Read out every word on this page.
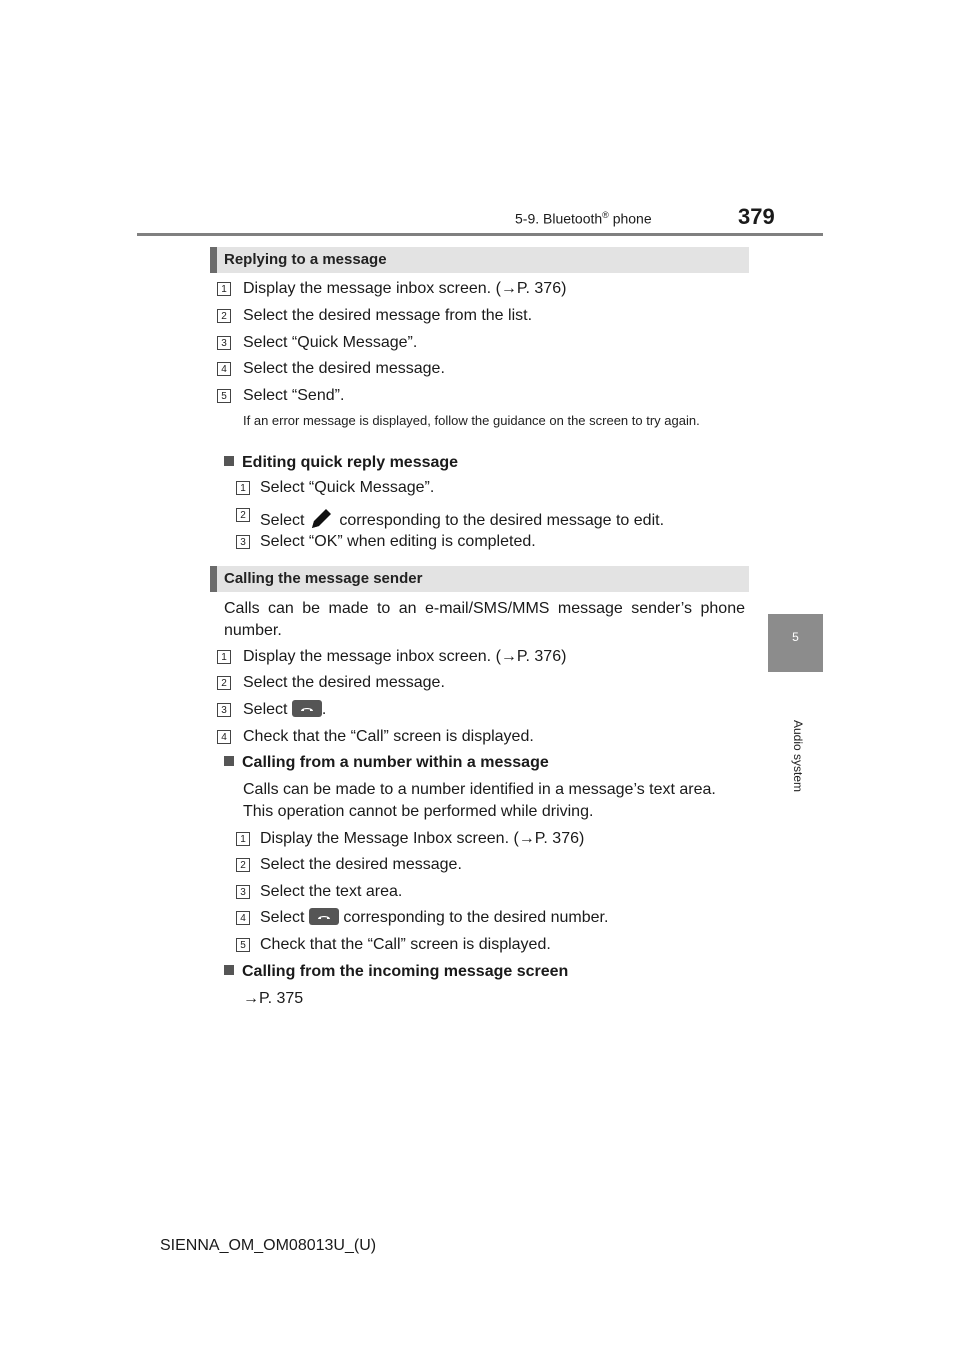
5-9. Bluetooth® phone	379
5
Audio system
Replying to a message
1 Display the message inbox screen. (→P. 376)
2 Select the desired message from the list.
3 Select “Quick Message”.
4 Select the desired message.
5 Select “Send”.
If an error message is displayed, follow the guidance on the screen to try again.
Editing quick reply message
1 Select “Quick Message”.
2 Select  corresponding to the desired message to edit.
3 Select “OK” when editing is completed.
Calling the message sender
Calls can be made to an e-mail/SMS/MMS message sender’s phone number.
1 Display the message inbox screen. (→P. 376)
2 Select the desired message.
3 Select
.
4 Check that the “Call” screen is displayed.
Calling from a number within a message
Calls can be made to a number identified in a message’s text area. This operation cannot be performed while driving.
1 Display the Message Inbox screen. (→P. 376)
2 Select the desired message.
3 Select the text area.
4 Select
corresponding to the desired number.
5 Check that the “Call” screen is displayed.
Calling from the incoming message screen
→P. 375
SIENNA_OM_OM08013U_(U)
